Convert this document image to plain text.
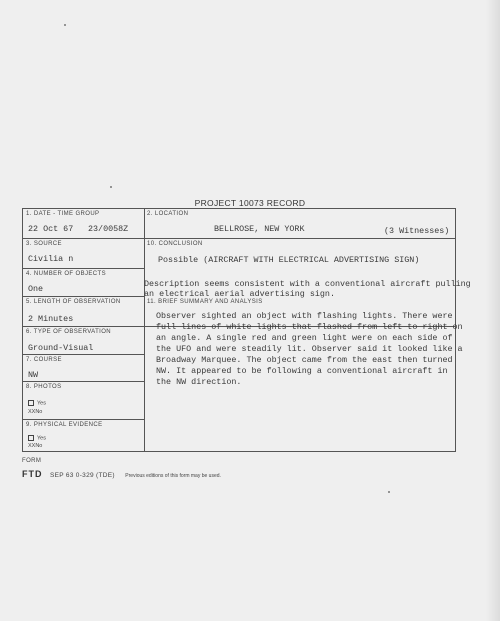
PROJECT 10073 RECORD
1. DATE - TIME GROUP
22 Oct 67 23/0058Z
3. SOURCE
Civilia n
4. NUMBER OF OBJECTS
One
5. LENGTH OF OBSERVATION
2 Minutes
6. TYPE OF OBSERVATION
Ground-Visual
7. COURSE
NW
8. PHOTOS
Yes
XXNo
9. PHYSICAL EVIDENCE
Yes
XXNo
2. LOCATION
BELLROSE, NEW YORK	(3 Witnesses)
10. CONCLUSION
Possible (AIRCRAFT WITH ELECTRICAL ADVERTISING SIGN)
Description seems consistent with a conventional aircraft pulling
an electrical aerial advertising sign.
11. BRIEF SUMMARY AND ANALYSIS
Observer sighted an object with flashing lights. There were
full lines of white lights that flashed from left to right on
an angle. A single red and green light were on each side of
the UFO and were steadily lit. Observer said it looked like a
Broadway Marquee. The object came from the east then turned
NW. It appeared to be following a conventional aircraft in
the NW direction.
FORM
FTD SEP 63 0-329 (TDE) Previous editions of this form may be used.
